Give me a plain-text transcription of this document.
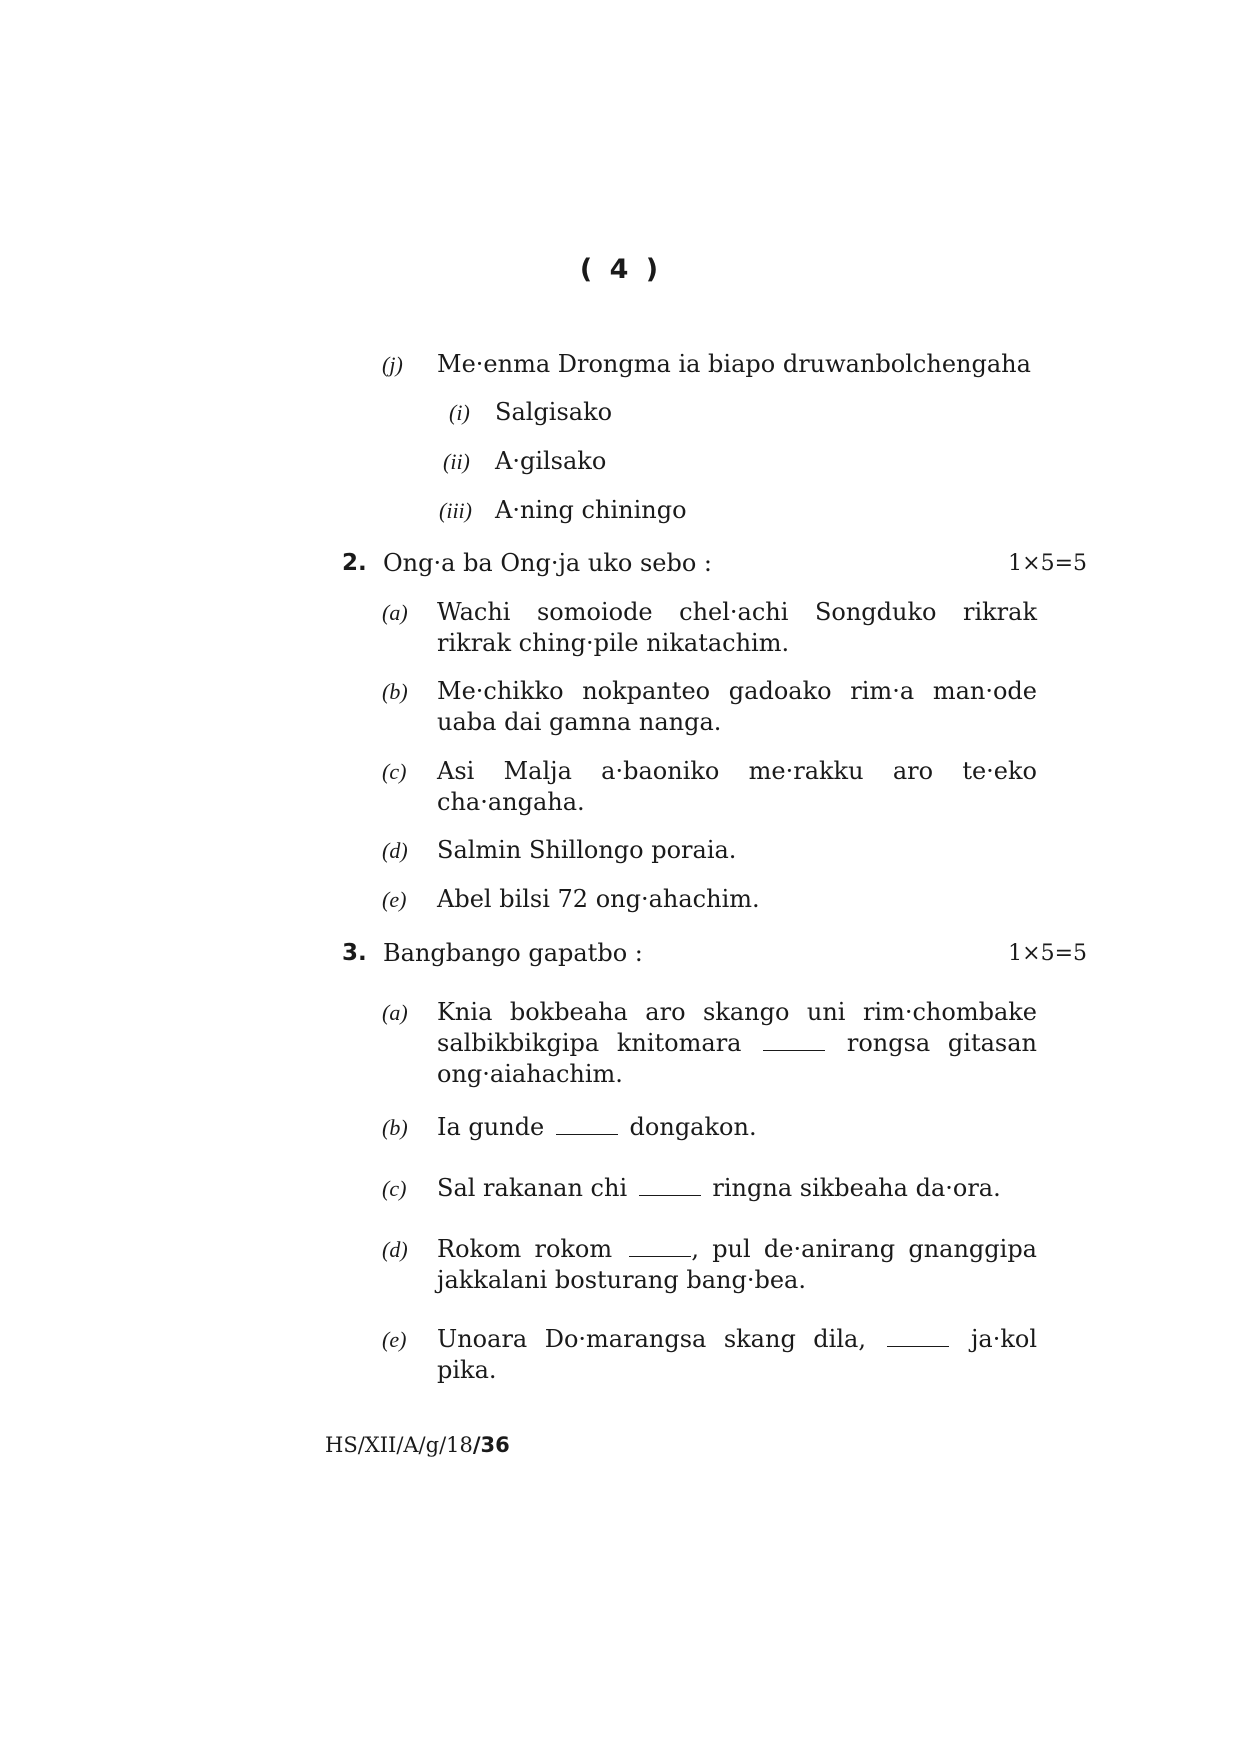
( 4 )
(j) Me·enma Drongma ia biapo druwanbolchengaha
(i) Salgisako
(ii) A·gilsako
(iii) A·ning chiningo
2. Ong·a ba Ong·ja uko sebo :	1×5=5
(a) Wachi somoiode chel·achi Songduko rikrak rikrak ching·pile nikatachim.
(b) Me·chikko nokpanteo gadoako rim·a man·ode uaba dai gamna nanga.
(c) Asi Malja a·baoniko me·rakku aro te·eko cha·angaha.
(d) Salmin Shillongo poraia.
(e) Abel bilsi 72 ong·ahachim.
3. Bangbango gapatbo :	1×5=5
(a) Knia bokbeaha aro skango uni rim·chombake salbikbikgipa knitomara	rongsa gitasan ong·aiahachim.
(b) Ia gunde	dongakon.
(c) Sal rakanan chi	ringna sikbeaha da·ora.
(d) Rokom rokom	, pul de·anirang gnanggipa jakkalani bosturang bang·bea.
(e) Unoara Do·marangsa skang dila,	ja·kol pika.
HS/XII/A/g/18/36
